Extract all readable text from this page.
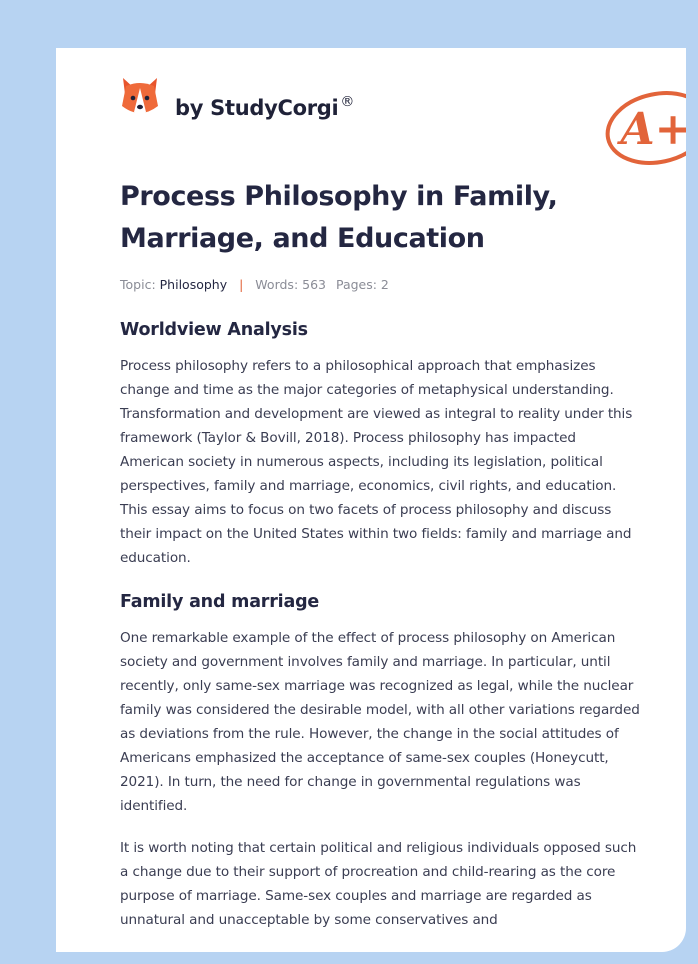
by StudyCorgi ®
A+
Process Philosophy in Family, Marriage, and Education
Topic: Philosophy | Words: 563 Pages: 2
Worldview Analysis

Process philosophy refers to a philosophical approach that emphasizes change and time as the major categories of metaphysical understanding. Transformation and development are viewed as integral to reality under this framework (Taylor & Bovill, 2018). Process philosophy has impacted American society in numerous aspects, including its legislation, political perspectives, family and marriage, economics, civil rights, and education. This essay aims to focus on two facets of process philosophy and discuss their impact on the United States within two fields: family and marriage and education.

Family and marriage

One remarkable example of the effect of process philosophy on American society and government involves family and marriage. In particular, until recently, only same-sex marriage was recognized as legal, while the nuclear family was considered the desirable model, with all other variations regarded as deviations from the rule. However, the change in the social attitudes of Americans emphasized the acceptance of same-sex couples (Honeycutt, 2021). In turn, the need for change in governmental regulations was identified.

It is worth noting that certain political and religious individuals opposed such a change due to their support of procreation and child-rearing as the core purpose of marriage. Same-sex couples and marriage are regarded as unnatural and unacceptable by some conservatives and
